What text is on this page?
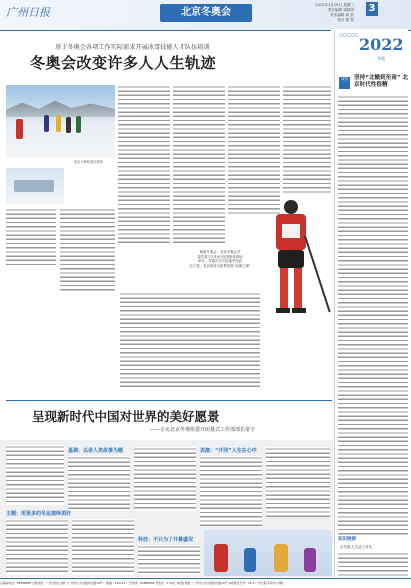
广州日报	北京冬奥会
2022年1月19日 星期三
责任编辑 梁皓明
美术编辑 黄 凯
校对 陈 智
3
◯◯◯◯◯ 2022
冬奥
冰雪	坚持“北辙到至南” 北京时代性很精
基于冬奥会各项工作实际需求开展冰雪技能人才队伍培训
冬奥会改变许多人人生轨迹
北京小海坨项目赛场
两届冬奥会：北京冬奥会开
幕式将于2月4日在国家体育场
举行。开幕式当天恰逢中国农
历立春，北京将成为世界首座“双奥之城”
呈现新时代中国对世界的美好愿景
——专访北京冬奥组委开闭幕式工作部部长常宇
基调：以讲人类故事为题	表演：“开同”人生在心中
主题：用更多的冬运演绎美好
科技：不只为了开幕盛况	知识链接
百年影人生活上对比
总编室电话：83888888 出版热线：广州日报社出版（广州市人民中路同乐路10号） 邮编：510121 广告热线：83888888 零售价：1.50元 本报社地址：广州市人民中路同乐路10号 本报邮发代号：45-1 广州日报印务中心印刷
